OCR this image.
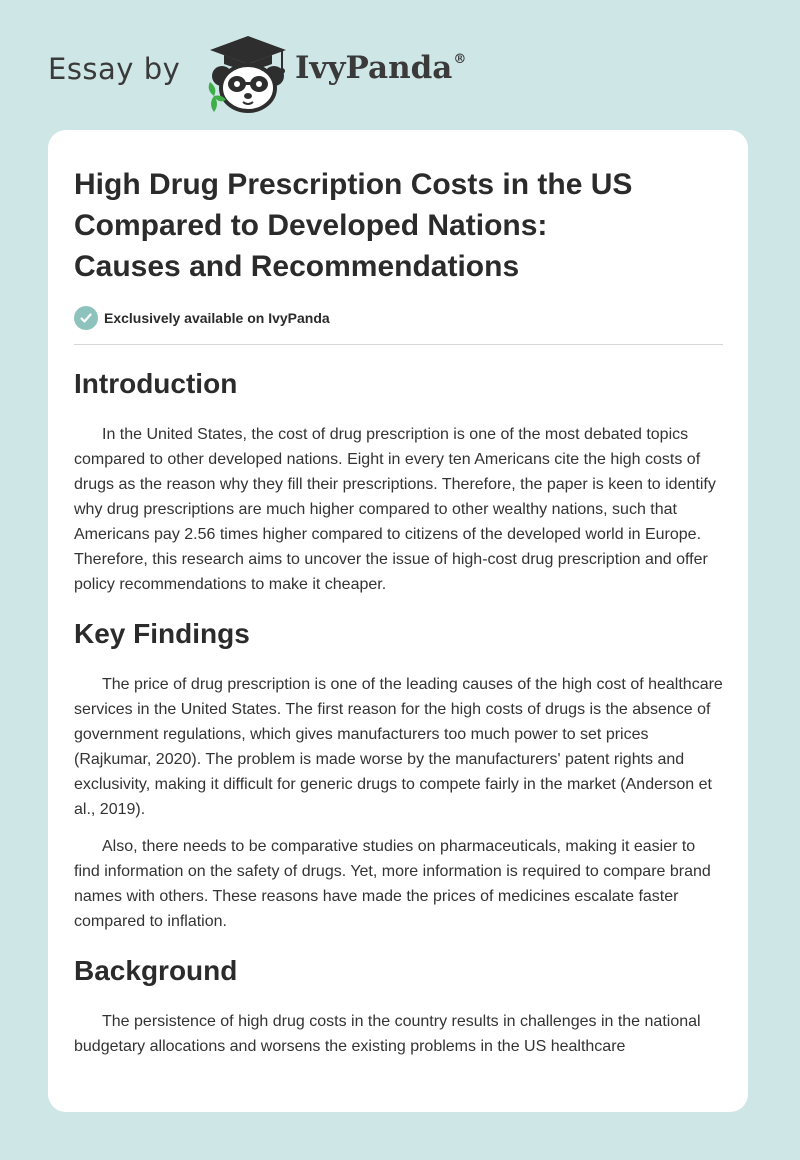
Essay by	IvyPanda®
High Drug Prescription Costs in the US
Compared to Developed Nations:
Causes and Recommendations
Exclusively available on IvyPanda
Introduction

In the United States, the cost of drug prescription is one of the most debated topics compared to other developed nations. Eight in every ten Americans cite the high costs of drugs as the reason why they fill their prescriptions. Therefore, the paper is keen to identify why drug prescriptions are much higher compared to other wealthy nations, such that Americans pay 2.56 times higher compared to citizens of the developed world in Europe. Therefore, this research aims to uncover the issue of high-cost drug prescription and offer policy recommendations to make it cheaper.

Key Findings

The price of drug prescription is one of the leading causes of the high cost of healthcare services in the United States. The first reason for the high costs of drugs is the absence of government regulations, which gives manufacturers too much power to set prices (Rajkumar, 2020). The problem is made worse by the manufacturers' patent rights and exclusivity, making it difficult for generic drugs to compete fairly in the market (Anderson et al., 2019).

Also, there needs to be comparative studies on pharmaceuticals, making it easier to find information on the safety of drugs. Yet, more information is required to compare brand names with others. These reasons have made the prices of medicines escalate faster compared to inflation.

Background

The persistence of high drug costs in the country results in challenges in the national budgetary allocations and worsens the existing problems in the US healthcare
